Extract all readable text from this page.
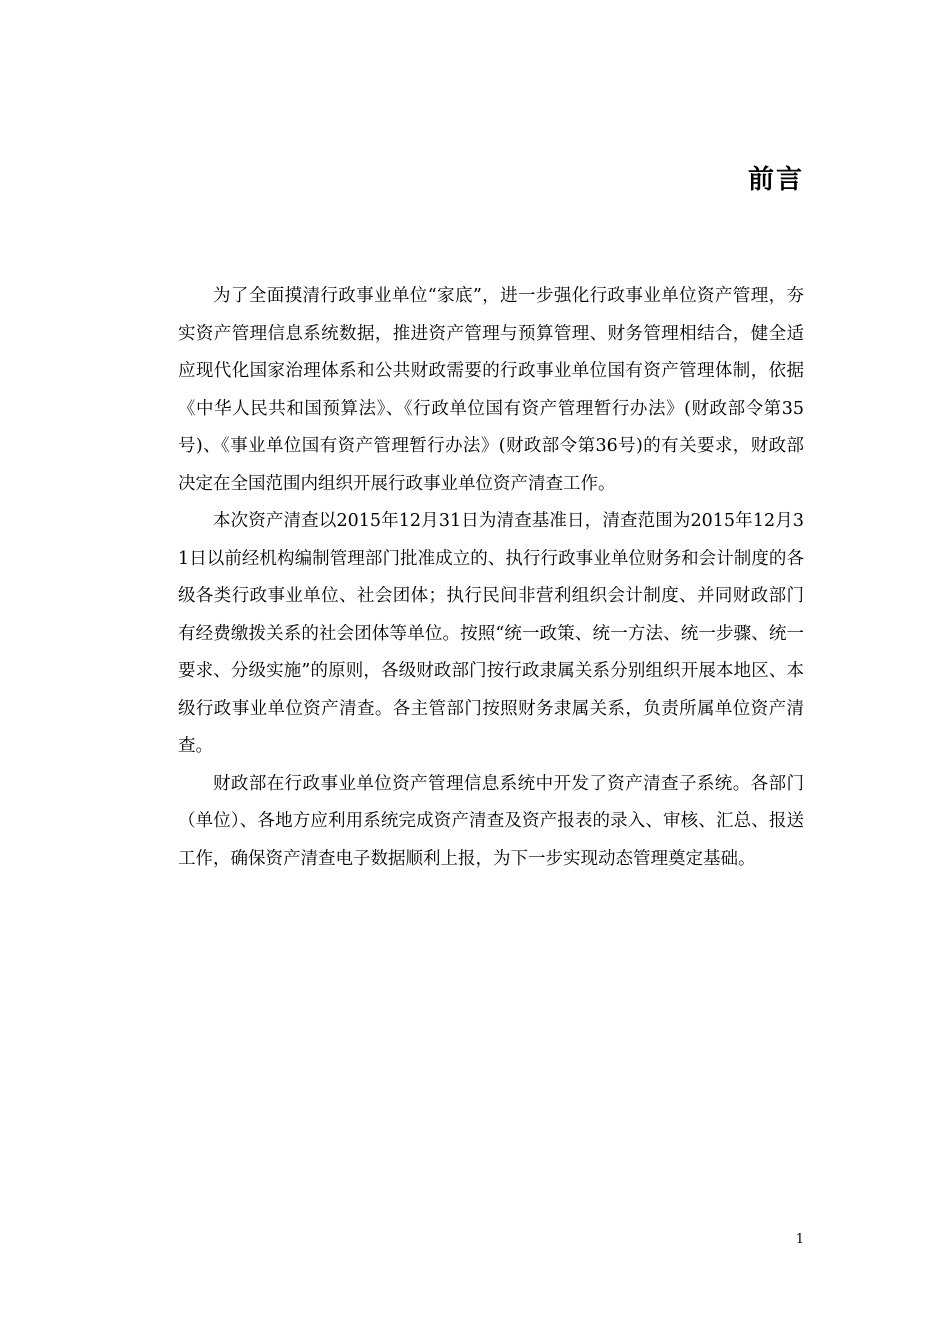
前言

为了全面摸清行政事业单位“家底”，进一步强化行政事业单位资产管理，夯实资产管理信息系统数据，推进资产管理与预算管理、财务管理相结合，健全适应现代化国家治理体系和公共财政需要的行政事业单位国有资产管理体制，依据《中华人民共和国预算法》、《行政单位国有资产管理暂行办法》(财政部令第35号)、《事业单位国有资产管理暂行办法》(财政部令第36号)的有关要求，财政部决定在全国范围内组织开展行政事业单位资产清查工作。

本次资产清查以2015年12月31日为清查基准日，清查范围为2015年12月31日以前经机构编制管理部门批准成立的、执行行政事业单位财务和会计制度的各级各类行政事业单位、社会团体；执行民间非营利组织会计制度、并同财政部门有经费缴拨关系的社会团体等单位。按照“统一政策、统一方法、统一步骤、统一要求、分级实施”的原则，各级财政部门按行政隶属关系分别组织开展本地区、本级行政事业单位资产清查。各主管部门按照财务隶属关系，负责所属单位资产清查。

财政部在行政事业单位资产管理信息系统中开发了资产清查子系统。各部门（单位）、各地方应利用系统完成资产清查及资产报表的录入、审核、汇总、报送工作，确保资产清查电子数据顺利上报，为下一步实现动态管理奠定基础。

1
